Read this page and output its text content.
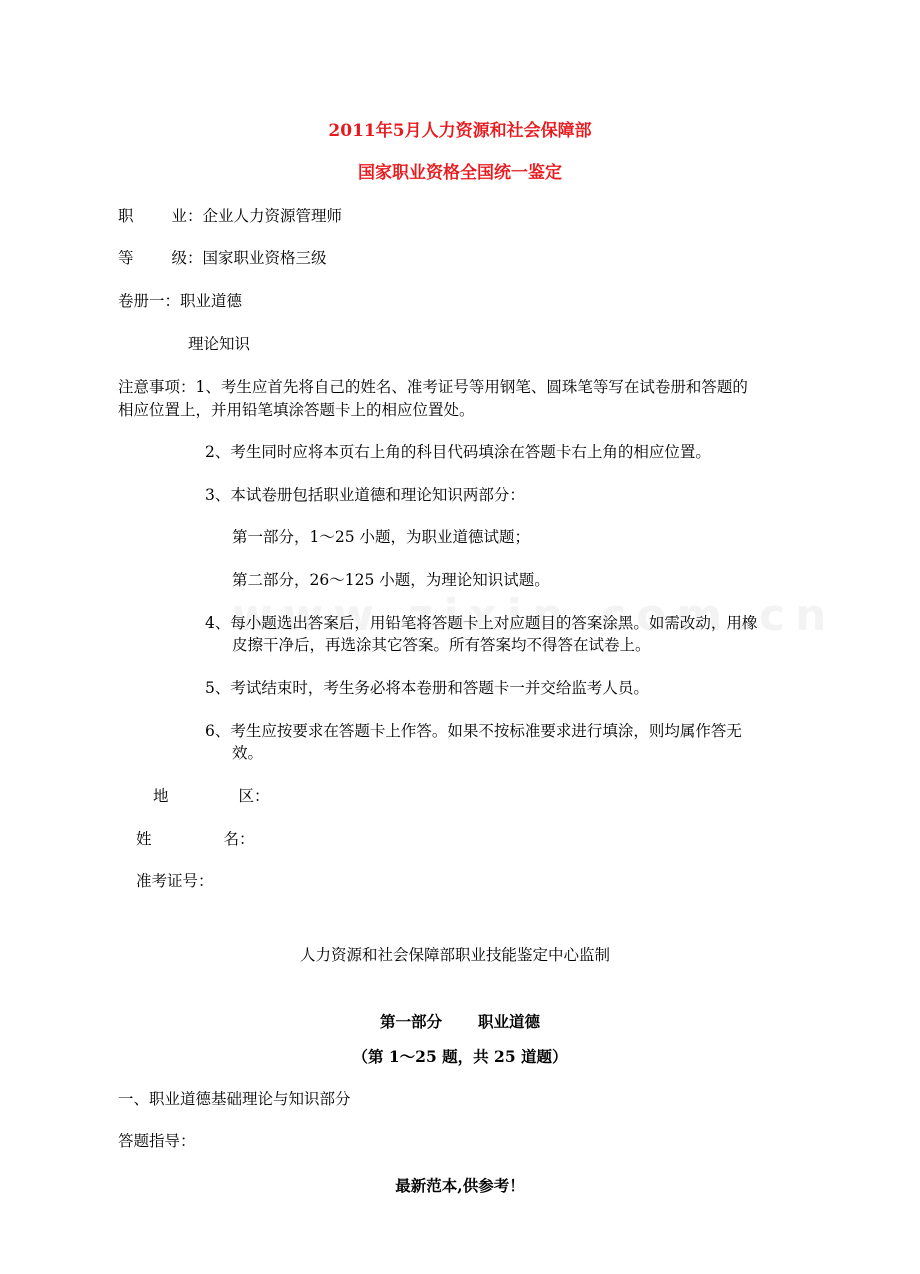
2011年5月人力资源和社会保障部
国家职业资格全国统一鉴定
职 业：企业人力资源管理师
等 级：国家职业资格三级
卷册一：职业道德
理论知识
注意事项：1、考生应首先将自己的姓名、准考证号等用钢笔、圆珠笔等写在试卷册和答题的
相应位置上，并用铅笔填涂答题卡上的相应位置处。
2、考生同时应将本页右上角的科目代码填涂在答题卡右上角的相应位置。
3、本试卷册包括职业道德和理论知识两部分：
第一部分，1～25 小题，为职业道德试题；
第二部分，26～125 小题，为理论知识试题。
4、每小题选出答案后，用铅笔将答题卡上对应题目的答案涂黑。如需改动，用橡
皮擦干净后，再选涂其它答案。所有答案均不得答在试卷上。
5、考试结束时，考生务必将本卷册和答题卡一并交给监考人员。
6、考生应按要求在答题卡上作答。如果不按标准要求进行填涂，则均属作答无
效。
地	区：
姓	名：
准考证号：
人力资源和社会保障部职业技能鉴定中心监制
第一部分 职业道德
（第 1～25 题，共 25 道题）
一、职业道德基础理论与知识部分
答题指导：
最新范本,供参考！
